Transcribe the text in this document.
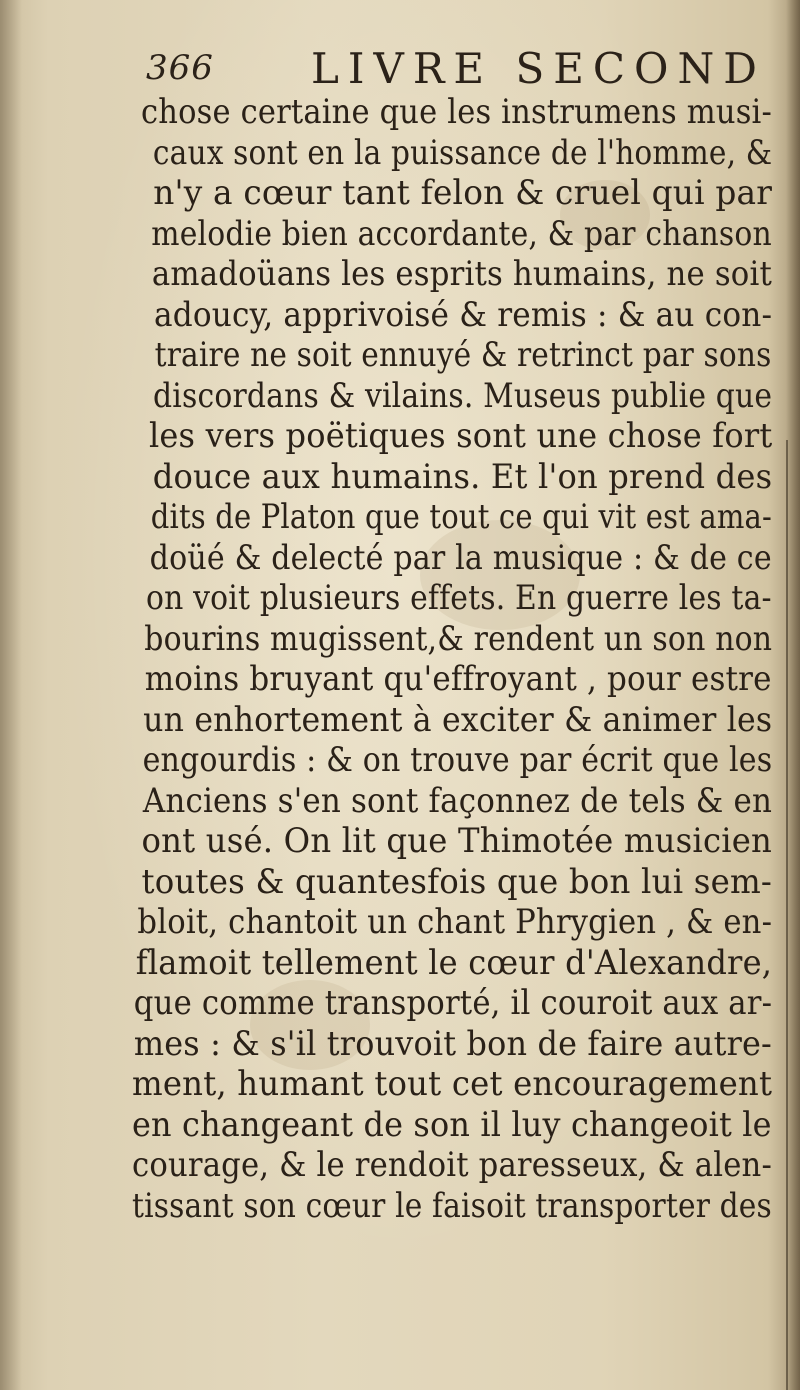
366 LIVRE SECOND
chose certaine que les instrumens musi-
caux sont en la puissance de l'homme, &
n'y a cœur tant felon & cruel qui par
melodie bien accordante, & par chanson
amadoüans les esprits humains, ne soit
adoucy, apprivoisé & remis : & au con-
traire ne soit ennuyé & retrinct par sons
discordans & vilains. Museus publie que
les vers poëtiques sont une chose fort
douce aux humains. Et l'on prend des
dits de Platon que tout ce qui vit est ama-
doüé & delecté par la musique : & de ce
on voit plusieurs effets. En guerre les ta-
bourins mugissent,& rendent un son non
moins bruyant qu'effroyant , pour estre
un enhortement à exciter & animer les
engourdis : & on trouve par écrit que les
Anciens s'en sont façonnez de tels & en
ont usé. On lit que Thimotée musicien
toutes & quantesfois que bon lui sem-
bloit, chantoit un chant Phrygien , & en-
flamoit tellement le cœur d'Alexandre,
que comme transporté, il couroit aux ar-
mes : & s'il trouvoit bon de faire autre-
ment, humant tout cet encouragement
en changeant de son il luy changeoit le
courage, & le rendoit paresseux, & alen-
tissant son cœur le faisoit transporter des
